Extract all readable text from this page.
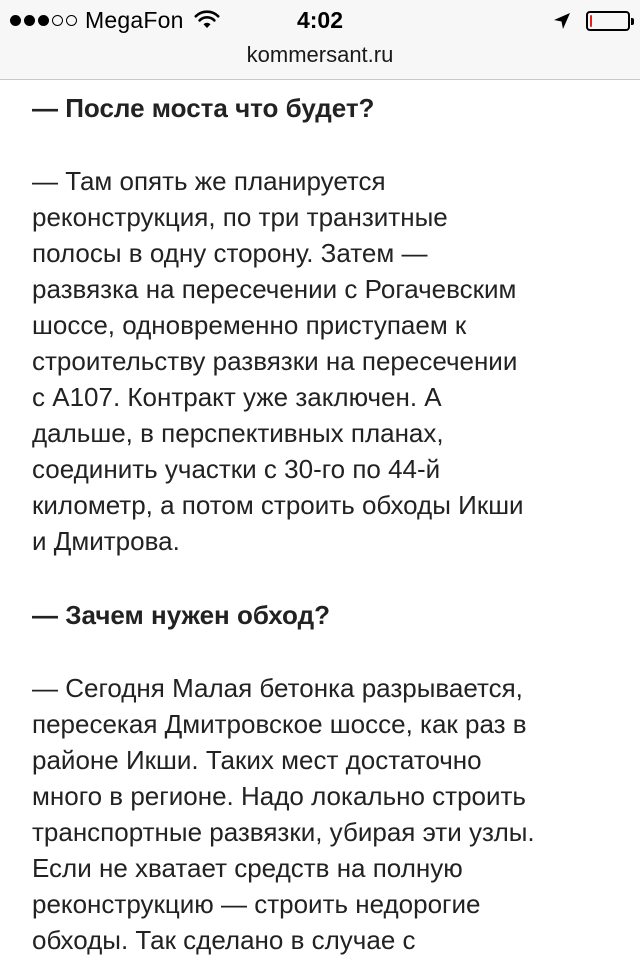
MegaFon	4:02
kommersant.ru

— После моста что будет?

— Там опять же планируется
реконструкция, по три транзитные
полосы в одну сторону. Затем —
развязка на пересечении с Рогачевским
шоссе, одновременно приступаем к
строительству развязки на пересечении
с А107. Контракт уже заключен. А
дальше, в перспективных планах,
соединить участки с 30-го по 44-й
километр, а потом строить обходы Икши
и Дмитрова.

— Зачем нужен обход?

— Сегодня Малая бетонка разрывается,
пересекая Дмитровское шоссе, как раз в
районе Икши. Таких мест достаточно
много в регионе. Надо локально строить
транспортные развязки, убирая эти узлы.
Если не хватает средств на полную
реконструкцию — строить недорогие
обходы. Так сделано в случае с
